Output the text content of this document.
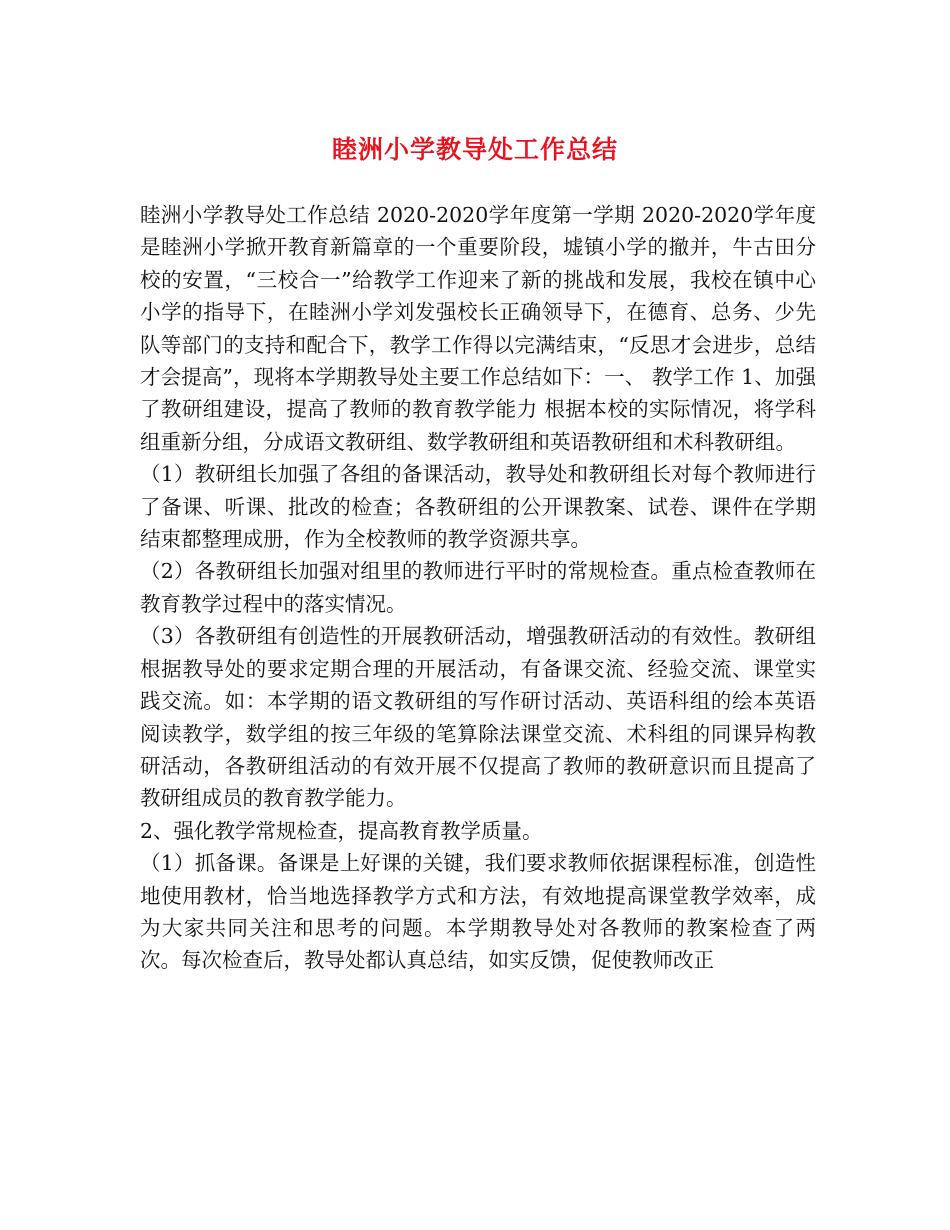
睦洲小学教导处工作总结

睦洲小学教导处工作总结 2020-2020学年度第一学期 2020-2020学年度是睦洲小学掀开教育新篇章的一个重要阶段，墟镇小学的撤并，牛古田分校的安置，“三校合一”给教学工作迎来了新的挑战和发展，我校在镇中心小学的指导下，在睦洲小学刘发强校长正确领导下，在德育、总务、少先队等部门的支持和配合下，教学工作得以完满结束，“反思才会进步，总结才会提高”，现将本学期教导处主要工作总结如下：一、 教学工作 1、加强了教研组建设，提高了教师的教育教学能力 根据本校的实际情况，将学科组重新分组，分成语文教研组、数学教研组和英语教研组和术科教研组。

（1）教研组长加强了各组的备课活动，教导处和教研组长对每个教师进行了备课、听课、批改的检查；各教研组的公开课教案、试卷、课件在学期结束都整理成册，作为全校教师的教学资源共享。

（2）各教研组长加强对组里的教师进行平时的常规检查。重点检查教师在教育教学过程中的落实情况。

（3）各教研组有创造性的开展教研活动，增强教研活动的有效性。教研组根据教导处的要求定期合理的开展活动，有备课交流、经验交流、课堂实践交流。如：本学期的语文教研组的写作研讨活动、英语科组的绘本英语阅读教学，数学组的按三年级的笔算除法课堂交流、术科组的同课异构教研活动，各教研组活动的有效开展不仅提高了教师的教研意识而且提高了教研组成员的教育教学能力。

2、强化教学常规检查，提高教育教学质量。

（1）抓备课。备课是上好课的关键，我们要求教师依据课程标准，创造性地使用教材，恰当地选择教学方式和方法，有效地提高课堂教学效率，成为大家共同关注和思考的问题。本学期教导处对各教师的教案检查了两次。每次检查后，教导处都认真总结，如实反馈，促使教师改正
